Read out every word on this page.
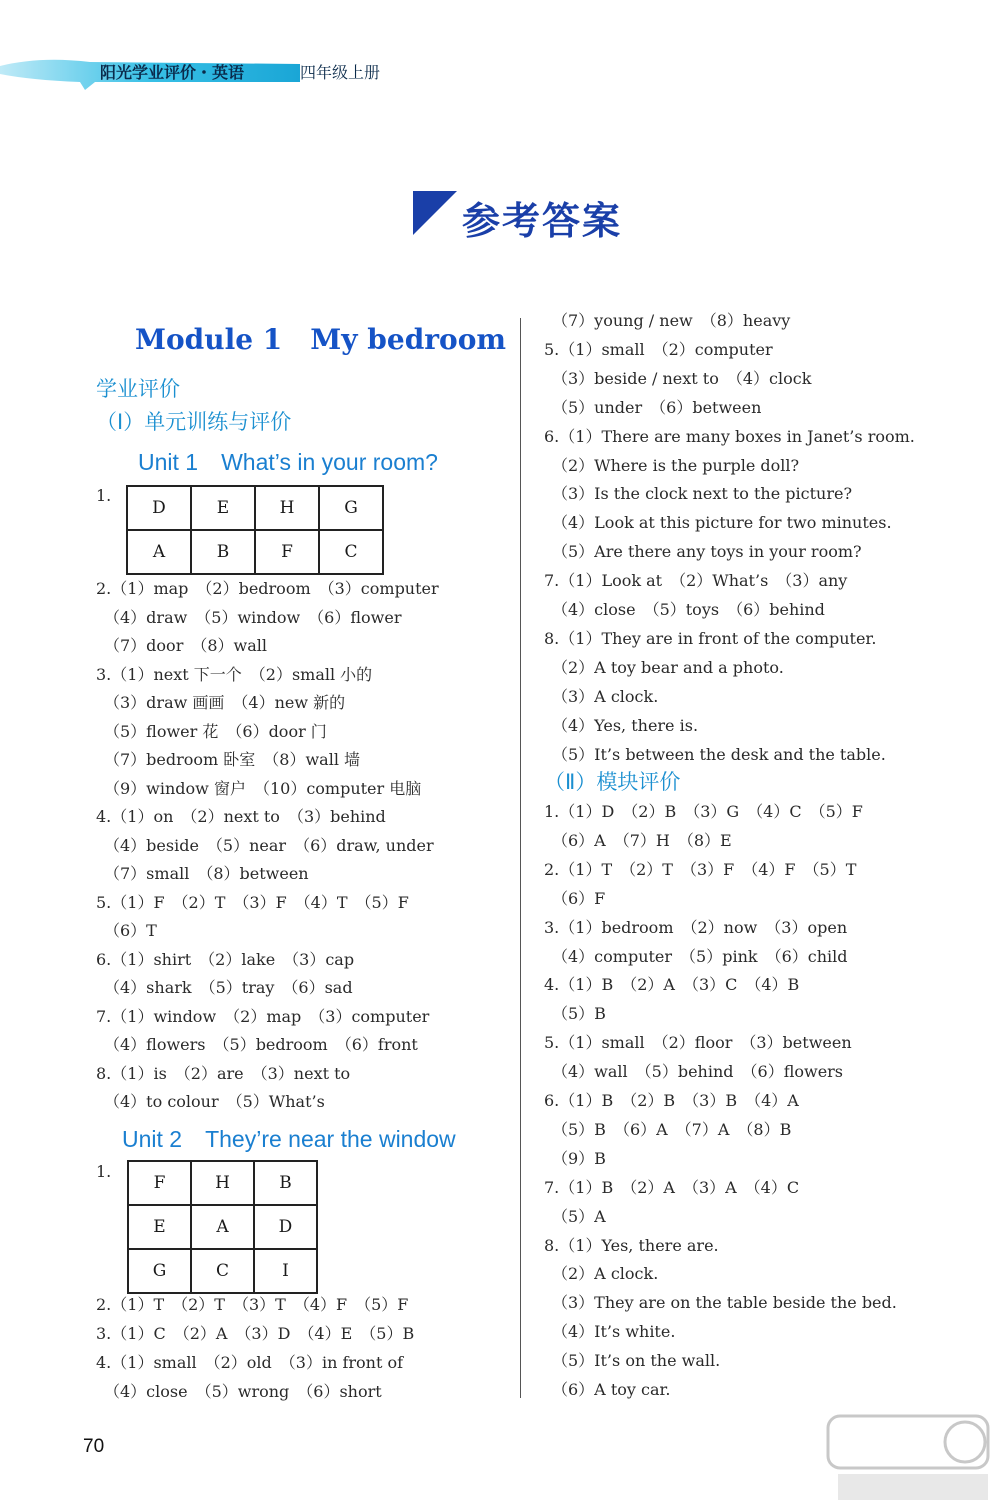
阳光学业评价・英语	四年级上册
参考答案
Module 1　My bedroom
学业评价
（Ⅰ）单元训练与评价
Unit 1　What’s in your room?
1.
D	E	H	G
A	B	F	C
2.（1）map　（2）bedroom　（3）computer
　（4）draw　（5）window　（6）flower
　（7）door　（8）wall
3.（1）next 下一个　（2）small 小的
　（3）draw 画画　（4）new 新的
　（5）flower 花　（6）door 门
　（7）bedroom 卧室　（8）wall 墙
　（9）window 窗户　（10）computer 电脑
4.（1）on　（2）next to　（3）behind
　（4）beside　（5）near　（6）draw, under
　（7）small　（8）between
5.（1）F　（2）T　（3）F　（4）T　（5）F
　（6）T
6.（1）shirt　（2）lake　（3）cap
　（4）shark　（5）tray　（6）sad
7.（1）window　（2）map　（3）computer
　（4）flowers　（5）bedroom　（6）front
8.（1）is　（2）are　（3）next to
　（4）to colour　（5）What’s
Unit 2　They’re near the window
1.
F	H	B
E	A	D
G	C	I
2.（1）T　（2）T　（3）T　（4）F　（5）F
3.（1）C　（2）A　（3）D　（4）E　（5）B
4.（1）small　（2）old　（3）in front of
　（4）close　（5）wrong　（6）short
　（7）young / new　（8）heavy
5.（1）small　（2）computer
　（3）beside / next to　（4）clock
　（5）under　（6）between
6.（1）There are many boxes in Janet’s room.
　（2）Where is the purple doll?
　（3）Is the clock next to the picture?
　（4）Look at this picture for two minutes.
　（5）Are there any toys in your room?
7.（1）Look at　（2）What’s　（3）any
　（4）close　（5）toys　（6）behind
8.（1）They are in front of the computer.
　（2）A toy bear and a photo.
　（3）A clock.
　（4）Yes, there is.
　（5）It’s between the desk and the table.
（Ⅱ）模块评价
1.（1）D　（2）B　（3）G　（4）C　（5）F
　（6）A　（7）H　（8）E
2.（1）T　（2）T　（3）F　（4）F　（5）T
　（6）F
3.（1）bedroom　（2）now　（3）open
　（4）computer　（5）pink　（6）child
4.（1）B　（2）A　（3）C　（4）B
　（5）B
5.（1）small　（2）floor　（3）between
　（4）wall　（5）behind　（6）flowers
6.（1）B　（2）B　（3）B　（4）A
　（5）B　（6）A　（7）A　（8）B
　（9）B
7.（1）B　（2）A　（3）A　（4）C
　（5）A
8.（1）Yes, there are.
　（2）A clock.
　（3）They are on the table beside the bed.
　（4）It’s white.
　（5）It’s on the wall.
　（6）A toy car.
70
